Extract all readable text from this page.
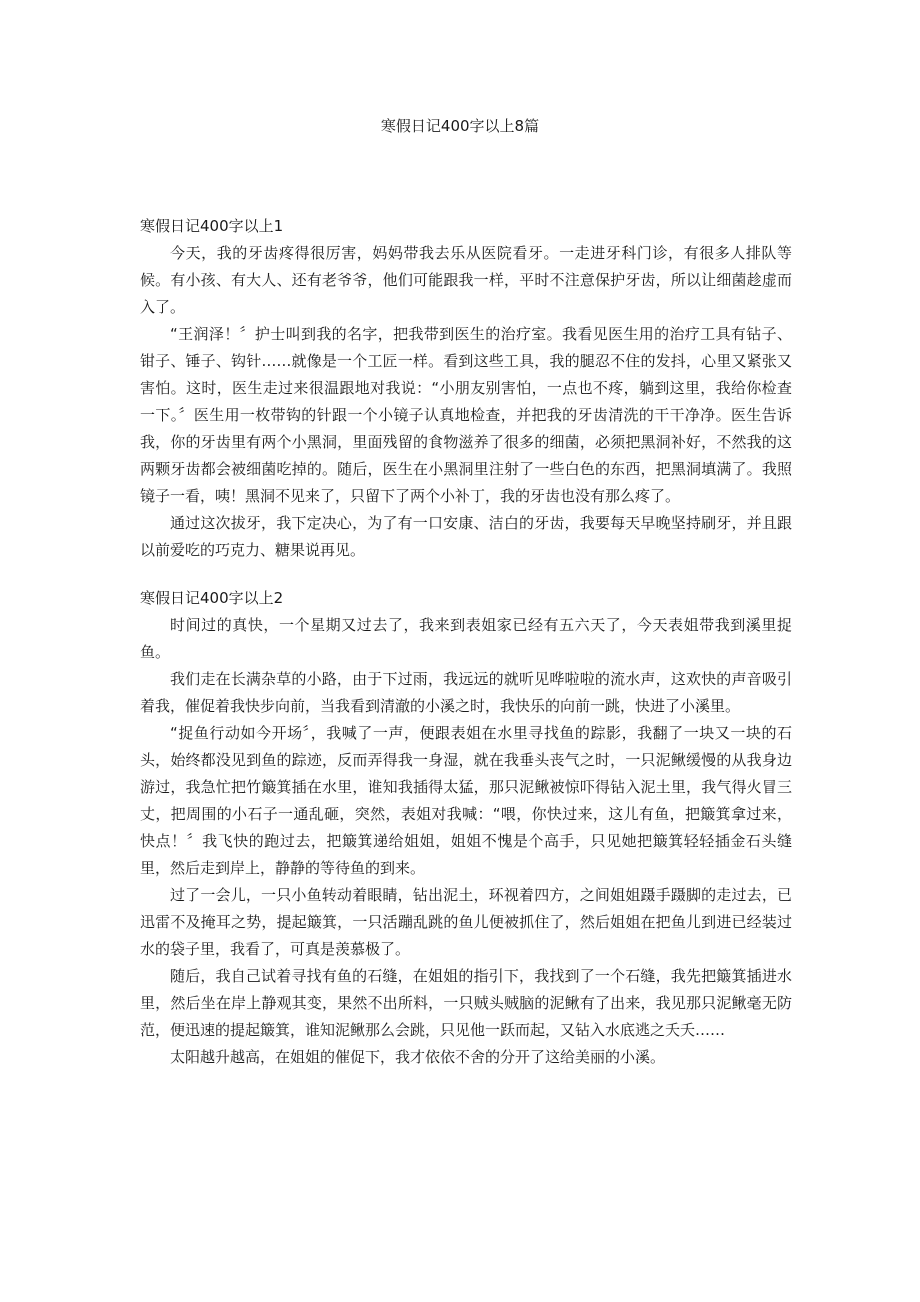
寒假日记400字以上8篇

寒假日记400字以上1

今天，我的牙齿疼得很厉害，妈妈带我去乐从医院看牙。一走进牙科门诊，有很多人排队等候。有小孩、有大人、还有老爷爷，他们可能跟我一样，平时不注意保护牙齿，所以让细菌趁虚而入了。

“王润泽！〞护士叫到我的名字，把我带到医生的治疗室。我看见医生用的治疗工具有钻子、钳子、锤子、钩针……就像是一个工匠一样。看到这些工具，我的腿忍不住的发抖，心里又紧张又害怕。这时，医生走过来很温跟地对我说：“小朋友别害怕，一点也不疼，躺到这里，我给你检查一下。〞医生用一枚带钩的针跟一个小镜子认真地检查，并把我的牙齿清洗的干干净净。医生告诉我，你的牙齿里有两个小黑洞，里面残留的食物滋养了很多的细菌，必须把黑洞补好，不然我的这两颗牙齿都会被细菌吃掉的。随后，医生在小黑洞里注射了一些白色的东西，把黑洞填满了。我照镜子一看，咦！黑洞不见来了，只留下了两个小补丁，我的牙齿也没有那么疼了。

通过这次拔牙，我下定决心，为了有一口安康、洁白的牙齿，我要每天早晚坚持刷牙，并且跟以前爱吃的巧克力、糖果说再见。

寒假日记400字以上2

时间过的真快，一个星期又过去了，我来到表姐家已经有五六天了，今天表姐带我到溪里捉鱼。

我们走在长满杂草的小路，由于下过雨，我远远的就听见哗啦啦的流水声，这欢快的声音吸引着我，催促着我快步向前，当我看到清澈的小溪之时，我快乐的向前一跳，快进了小溪里。

“捉鱼行动如今开场〞，我喊了一声，便跟表姐在水里寻找鱼的踪影，我翻了一块又一块的石头，始终都没见到鱼的踪迹，反而弄得我一身湿，就在我垂头丧气之时，一只泥鳅缓慢的从我身边游过，我急忙把竹簸箕插在水里，谁知我插得太猛，那只泥鳅被惊吓得钻入泥土里，我气得火冒三丈，把周围的小石子一通乱砸，突然，表姐对我喊：“喂，你快过来，这儿有鱼，把簸箕拿过来，快点！〞我飞快的跑过去，把簸箕递给姐姐，姐姐不愧是个高手，只见她把簸箕轻轻插金石头缝里，然后走到岸上，静静的等待鱼的到来。

过了一会儿，一只小鱼转动着眼睛，钻出泥土，环视着四方，之间姐姐蹑手蹑脚的走过去，已迅雷不及掩耳之势，提起簸箕，一只活蹦乱跳的鱼儿便被抓住了，然后姐姐在把鱼儿到进已经装过水的袋子里，我看了，可真是羡慕极了。

随后，我自己试着寻找有鱼的石缝，在姐姐的指引下，我找到了一个石缝，我先把簸箕插进水里，然后坐在岸上静观其变，果然不出所料，一只贼头贼脑的泥鳅有了出来，我见那只泥鳅毫无防范，便迅速的提起簸箕，谁知泥鳅那么会跳，只见他一跃而起，又钻入水底逃之夭夭……

太阳越升越高，在姐姐的催促下，我才依依不舍的分开了这给美丽的小溪。
